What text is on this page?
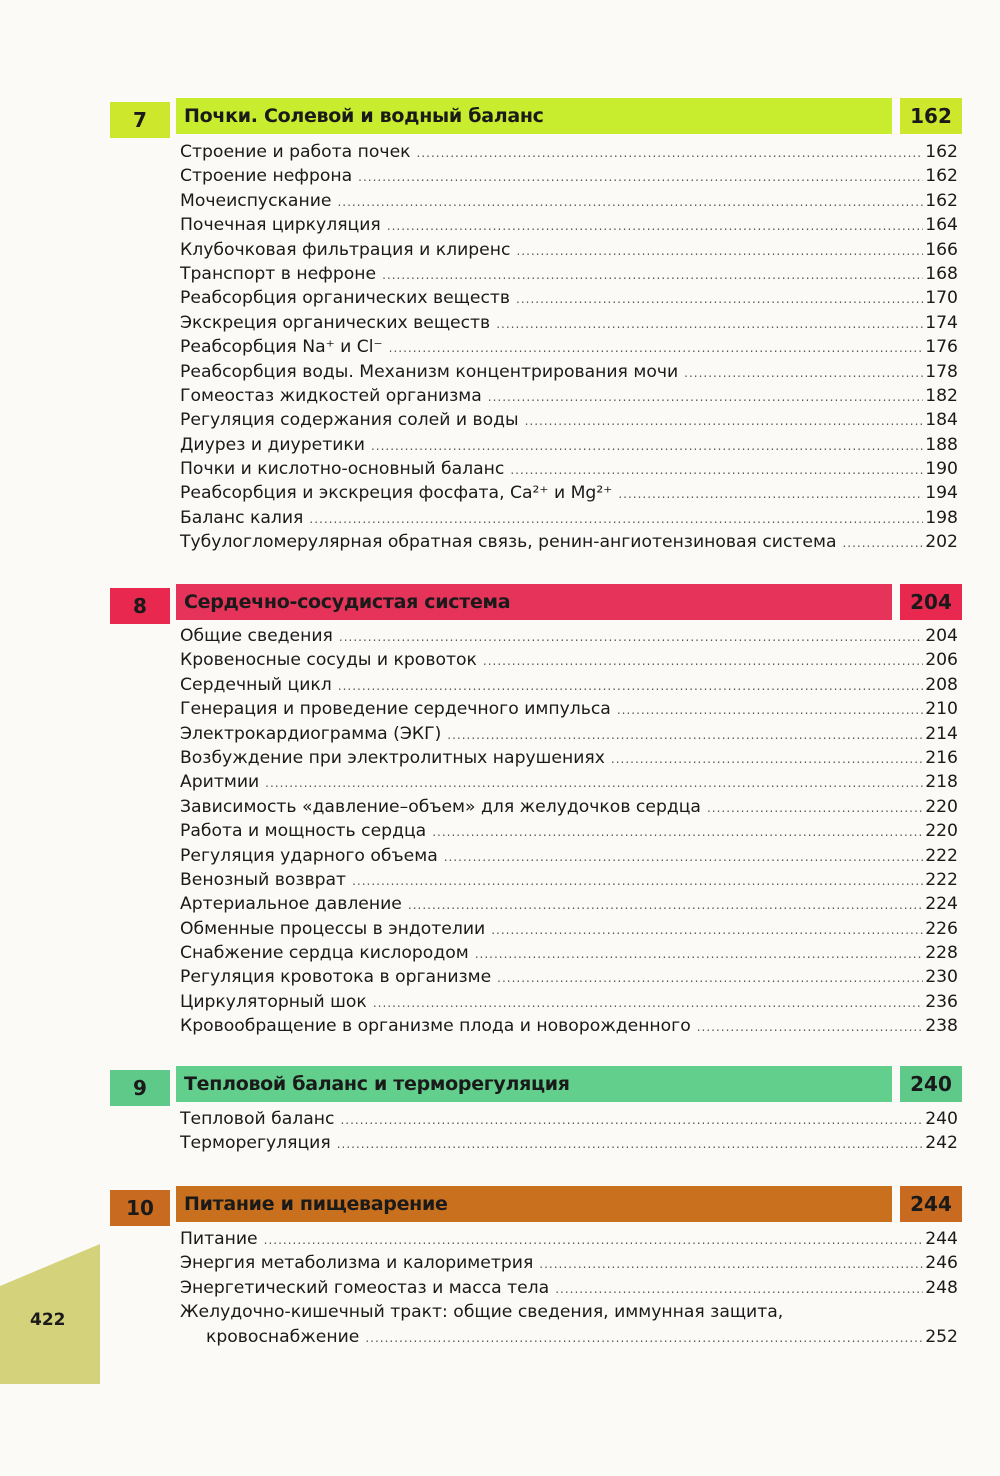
7	Почки. Солевой и водный баланс	162
Строение и работа почек .....	162
Строение нефрона .....	162
Мочеиспускание .....	162
Почечная циркуляция .....	164
Клубочковая фильтрация и клиренс .....	166
Транспорт в нефроне .....	168
Реабсорбция органических веществ .....	170
Экскреция органических веществ .....	174
Реабсорбция Na⁺ и Cl⁻ .....	176
Реабсорбция воды. Механизм концентрирования мочи .....	178
Гомеостаз жидкостей организма .....	182
Регуляция содержания солей и воды .....	184
Диурез и диуретики .....	188
Почки и кислотно-основный баланс .....	190
Реабсорбция и экскреция фосфата, Ca²⁺ и Mg²⁺ .....	194
Баланс калия .....	198
Тубулогломерулярная обратная связь, ренин-ангиотензиновая система .....	202
8	Сердечно-сосудистая система	204
Общие сведения .....	204
Кровеносные сосуды и кровоток .....	206
Сердечный цикл .....	208
Генерация и проведение сердечного импульса .....	210
Электрокардиограмма (ЭКГ) .....	214
Возбуждение при электролитных нарушениях .....	216
Аритмии .....	218
Зависимость «давление–объем» для желудочков сердца .....	220
Работа и мощность сердца .....	220
Регуляция ударного объема .....	222
Венозный возврат .....	222
Артериальное давление .....	224
Обменные процессы в эндотелии .....	226
Снабжение сердца кислородом .....	228
Регуляция кровотока в организме .....	230
Циркуляторный шок .....	236
Кровообращение в организме плода и новорожденного .....	238
9	Тепловой баланс и терморегуляция	240
Тепловой баланс .....	240
Терморегуляция .....	242
10	Питание и пищеварение	244
Питание .....	244
Энергия метаболизма и калориметрия .....	246
Энергетический гомеостаз и масса тела .....	248
Желудочно-кишечный тракт: общие сведения, иммунная защита,
кровоснабжение .....	252
422
